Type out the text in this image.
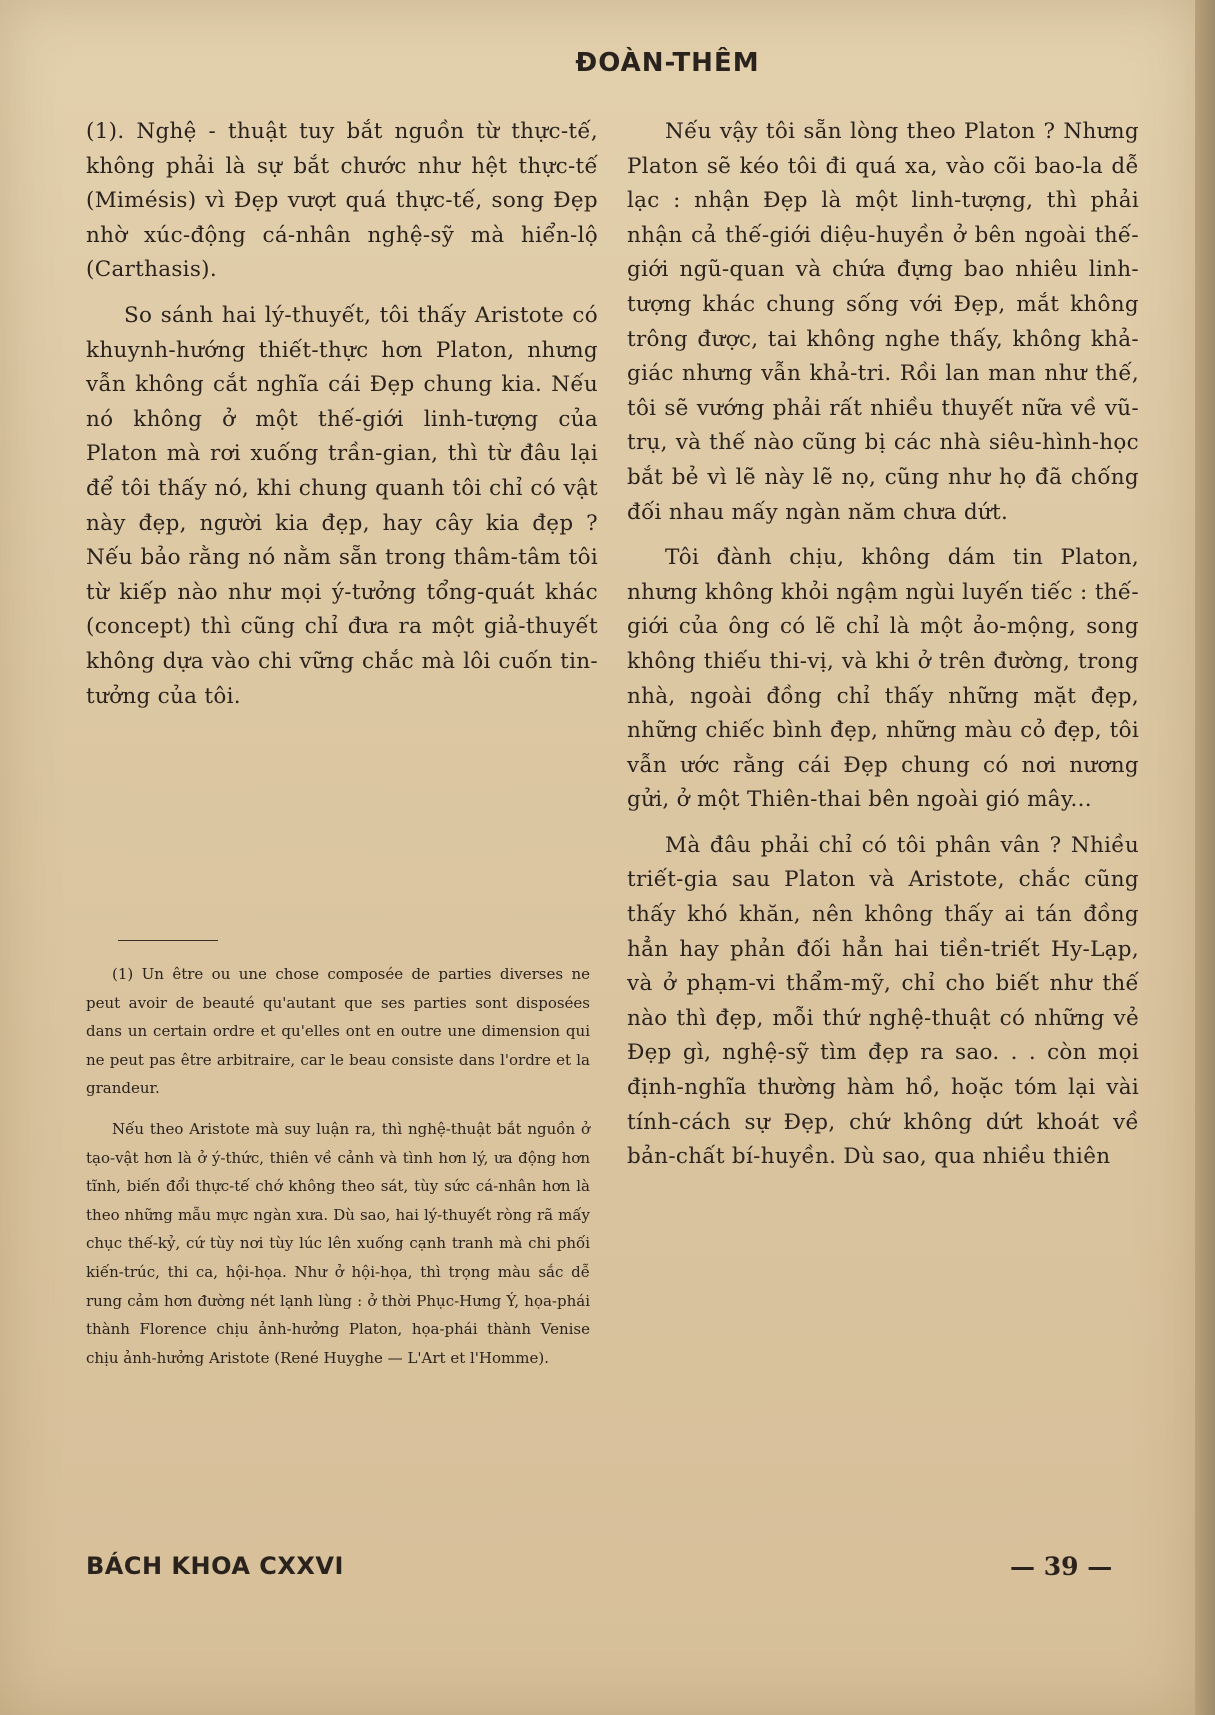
ĐOÀN-THÊM

(1). Nghệ - thuật tuy bắt nguồn từ thực-tế, không phải là sự bắt chước như hệt thực-tế (Mimésis) vì Đẹp vượt quá thực-tế, song Đẹp nhờ xúc-động cá-nhân nghệ-sỹ mà hiển-lộ (Carthasis).

So sánh hai lý-thuyết, tôi thấy Aristote có khuynh-hướng thiết-thực hơn Platon, nhưng vẫn không cắt nghĩa cái Đẹp chung kia. Nếu nó không ở một thế-giới linh-tượng của Platon mà rơi xuống trần-gian, thì từ đâu lại để tôi thấy nó, khi chung quanh tôi chỉ có vật này đẹp, người kia đẹp, hay cây kia đẹp ? Nếu bảo rằng nó nằm sẵn trong thâm-tâm tôi từ kiếp nào như mọi ý-tưởng tổng-quát khác (concept) thì cũng chỉ đưa ra một giả-thuyết không dựa vào chi vững chắc mà lôi cuốn tin-tưởng của tôi.

(1) Un être ou une chose composée de parties diverses ne peut avoir de beauté qu'autant que ses parties sont disposées dans un certain ordre et qu'elles ont en outre une dimension qui ne peut pas être arbitraire, car le beau consiste dans l'ordre et la grandeur.

Nếu theo Aristote mà suy luận ra, thì nghệ-thuật bắt nguồn ở tạo-vật hơn là ở ý-thức, thiên về cảnh và tình hơn lý, ưa động hơn tĩnh, biến đổi thực-tế chớ không theo sát, tùy sức cá-nhân hơn là theo những mẫu mực ngàn xưa. Dù sao, hai lý-thuyết ròng rã mấy chục thế-kỷ, cứ tùy nơi tùy lúc lên xuống cạnh tranh mà chi phối kiến-trúc, thi ca, hội-họa. Như ở hội-họa, thì trọng màu sắc dễ rung cảm hơn đường nét lạnh lùng : ở thời Phục-Hưng Ý, họa-phái thành Florence chịu ảnh-hưởng Platon, họa-phái thành Venise chịu ảnh-hưởng Aristote (René Huyghe — L'Art et l'Homme).

Nếu vậy tôi sẵn lòng theo Platon ? Nhưng Platon sẽ kéo tôi đi quá xa, vào cõi bao-la dễ lạc : nhận Đẹp là một linh-tượng, thì phải nhận cả thế-giới diệu-huyền ở bên ngoài thế-giới ngũ-quan và chứa đựng bao nhiêu linh-tượng khác chung sống với Đẹp, mắt không trông được, tai không nghe thấy, không khả-giác nhưng vẫn khả-tri. Rồi lan man như thế, tôi sẽ vướng phải rất nhiều thuyết nữa về vũ-trụ, và thế nào cũng bị các nhà siêu-hình-học bắt bẻ vì lẽ này lẽ nọ, cũng như họ đã chống đối nhau mấy ngàn năm chưa dứt.

Tôi đành chịu, không dám tin Platon, nhưng không khỏi ngậm ngùi luyến tiếc : thế-giới của ông có lẽ chỉ là một ảo-mộng, song không thiếu thi-vị, và khi ở trên đường, trong nhà, ngoài đồng chỉ thấy những mặt đẹp, những chiếc bình đẹp, những màu cỏ đẹp, tôi vẫn ước rằng cái Đẹp chung có nơi nương gửi, ở một Thiên-thai bên ngoài gió mây...

Mà đâu phải chỉ có tôi phân vân ? Nhiều triết-gia sau Platon và Aristote, chắc cũng thấy khó khăn, nên không thấy ai tán đồng hẳn hay phản đối hẳn hai tiền-triết Hy-Lạp, và ở phạm-vi thẩm-mỹ, chỉ cho biết như thế nào thì đẹp, mỗi thứ nghệ-thuật có những vẻ Đẹp gì, nghệ-sỹ tìm đẹp ra sao. . . còn mọi định-nghĩa thường hàm hồ, hoặc tóm lại vài tính-cách sự Đẹp, chứ không dứt khoát về bản-chất bí-huyền. Dù sao, qua nhiều thiên

BÁCH KHOA CXXVI	— 39 —
